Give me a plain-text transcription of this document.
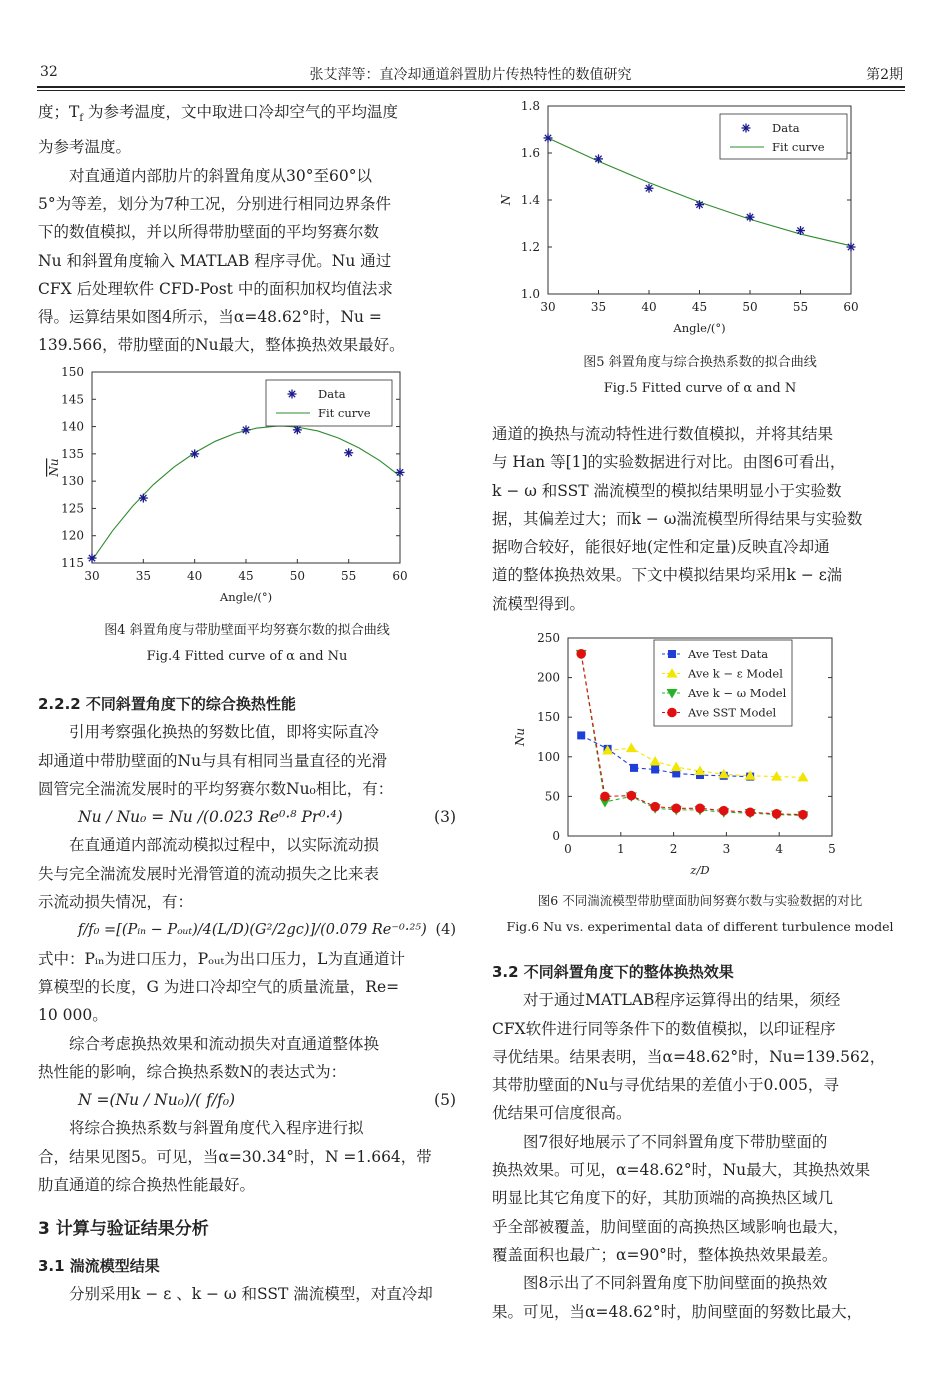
32	张艾萍等：直冷却通道斜置肋片传热特性的数值研究	第2期

度；$T_f$ 为参考温度，文中取进口冷却空气的平均温度

为参考温度。

对直通道内部肋片的斜置角度从30°至60°以

5°为等差，划分为7种工况，分别进行相同边界条件

下的数值模拟，并以所得带肋壁面的平均努赛尔数

Nu 和斜置角度输入 MATLAB 程序寻优。Nu 通过

CFX 后处理软件 CFD-Post 中的面积加权均值法求

得。运算结果如图4所示，当α=48.62°时，Nu =

139.566，带肋壁面的Nu最大，整体换热效果最好。

30	35	40	45	50	55	60
115
120
125
130
135
140
145
150
Angle/(°)
Nu
Data
Fit curve
图4 斜置角度与带肋壁面平均努赛尔数的拟合曲线
Fig.4 Fitted curve of α and Nu

2.2.2 不同斜置角度下的综合换热性能

引用考察强化换热的努数比值，即将实际直冷

却通道中带肋壁面的Nu与具有相同当量直径的光滑

圆管完全湍流发展时的平均努赛尔数Nu₀相比，有：

Nu / Nu₀ = Nu /(0.023 Re⁰·⁸ Pr⁰·⁴)	(3)

在直通道内部流动模拟过程中，以实际流动损

失与完全湍流发展时光滑管道的流动损失之比来表

示流动损失情况，有：

f/f₀ =[(Pᵢₙ − Pₒᵤₜ)/4(L/D)(G²/2gc)]/(0.079 Re⁻⁰·²⁵) (4)

式中：Pᵢₙ为进口压力，Pₒᵤₜ为出口压力，L为直通道计

算模型的长度，G 为进口冷却空气的质量流量，Re=

10 000。

综合考虑换热效果和流动损失对直通道整体换

热性能的影响，综合换热系数N的表达式为：

N =(Nu / Nu₀)/( f/f₀)	(5)

将综合换热系数与斜置角度代入程序进行拟

合，结果见图5。可见，当α=30.34°时，N =1.664，带

肋直通道的综合换热性能最好。

3 计算与验证结果分析

3.1 湍流模型结果

分别采用k − ε 、k − ω 和SST 湍流模型，对直冷却

30	35	40	45	50	55	60
1.0
1.2
1.4
1.6
1.8
Angle/(°)
N
Data
Fit curve
图5 斜置角度与综合换热系数的拟合曲线
Fig.5 Fitted curve of α and N

通道的换热与流动特性进行数值模拟，并将其结果

与 Han 等[1]的实验数据进行对比。由图6可看出，

k − ω 和SST 湍流模型的模拟结果明显小于实验数

据，其偏差过大；而k − ω湍流模型所得结果与实验数

据吻合较好，能很好地(定性和定量)反映直冷却通

道的整体换热效果。下文中模拟结果均采用k − ε湍

流模型得到。

0	1	2	3	4	5
0
50
100
150
200
250
z/D
Nu
Ave Test Data
Ave k − ε Model
Ave k − ω Model
Ave SST Model
图6 不同湍流模型带肋壁面肋间努赛尔数与实验数据的对比
Fig.6 Nu vs. experimental data of different turbulence model

3.2 不同斜置角度下的整体换热效果

对于通过MATLAB程序运算得出的结果，须经

CFX软件进行同等条件下的数值模拟，以印证程序

寻优结果。结果表明，当α=48.62°时，Nu=139.562，

其带肋壁面的Nu与寻优结果的差值小于0.005，寻

优结果可信度很高。

图7很好地展示了不同斜置角度下带肋壁面的

换热效果。可见，α=48.62°时，Nu最大，其换热效果

明显比其它角度下的好，其肋顶端的高换热区域几

乎全部被覆盖，肋间壁面的高换热区域影响也最大，

覆盖面积也最广；α=90°时，整体换热效果最差。

图8示出了不同斜置角度下肋间壁面的换热效

果。可见，当α=48.62°时，肋间壁面的努数比最大，
